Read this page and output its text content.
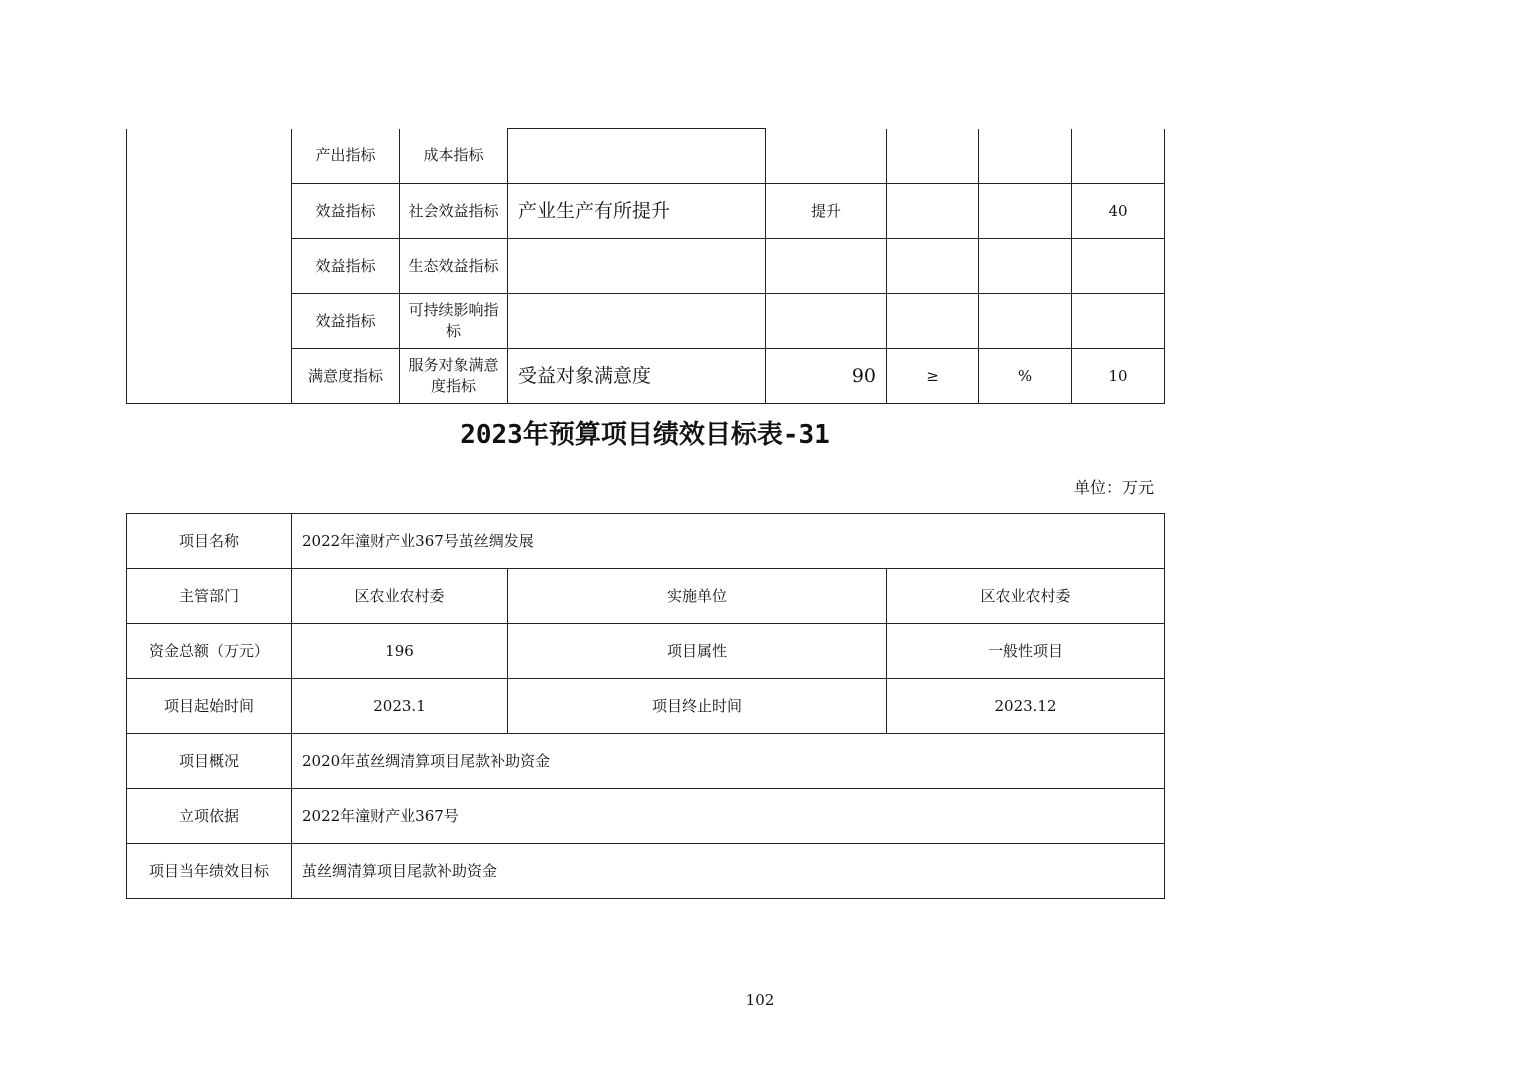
	产出指标	成本指标					
	效益指标	社会效益指标	产业生产有所提升	提升			40
	效益指标	生态效益指标					
	效益指标	可持续影响指标					
	满意度指标	服务对象满意度指标	受益对象满意度	90	≥	%	10
2023年预算项目绩效目标表-31
单位：万元
项目名称	2022年潼财产业367号茧丝绸发展		
主管部门	区农业农村委	实施单位	区农业农村委
资金总额（万元）	196	项目属性	一般性项目
项目起始时间	2023.1	项目终止时间	2023.12
项目概况	2020年茧丝绸清算项目尾款补助资金		
立项依据	2022年潼财产业367号		
项目当年绩效目标	茧丝绸清算项目尾款补助资金		
102
